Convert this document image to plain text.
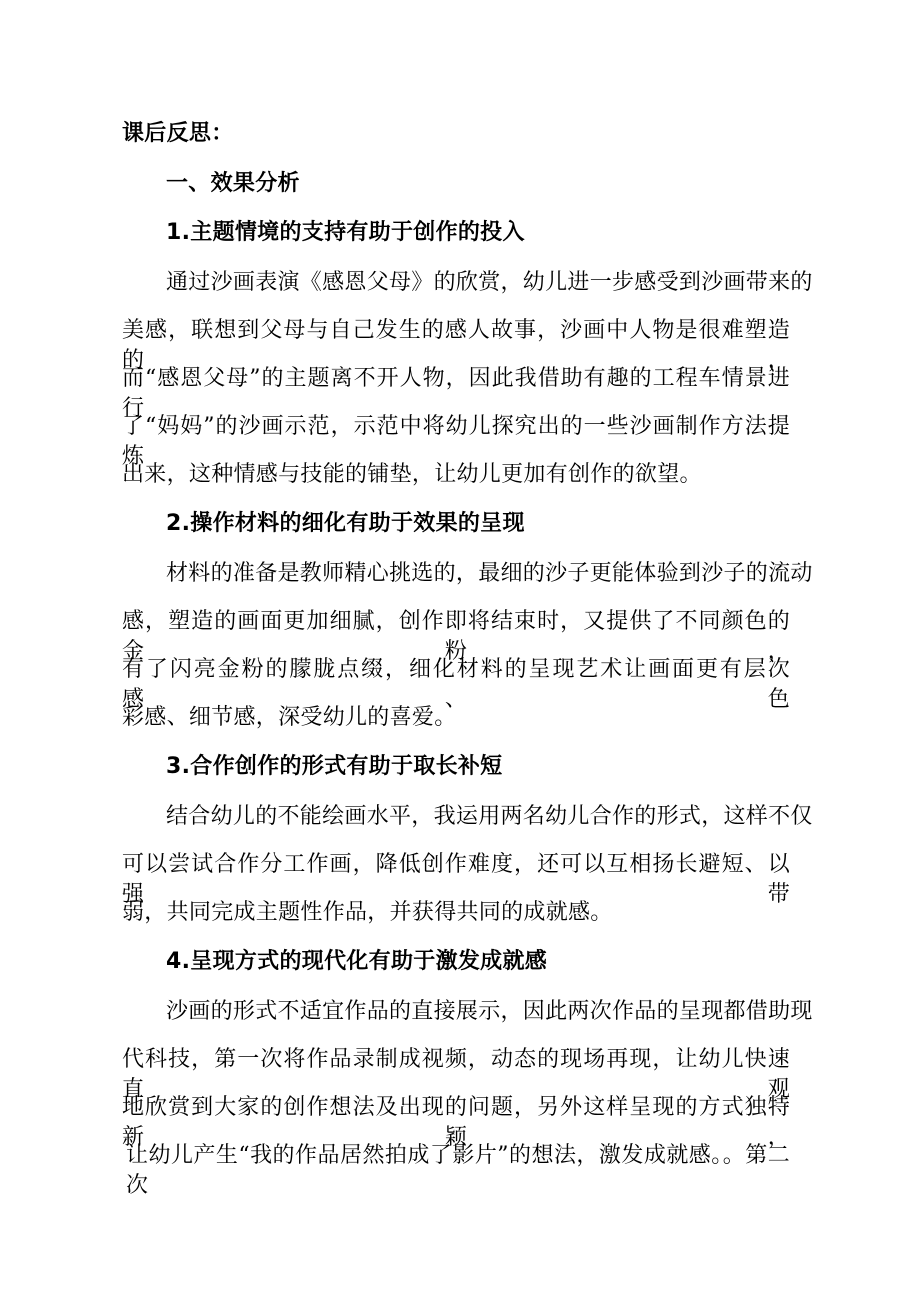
课后反思：
一、效果分析
1.主题情境的支持有助于创作的投入
通过沙画表演《感恩父母》的欣赏，幼儿进一步感受到沙画带来的
美感，联想到父母与自己发生的感人故事，沙画中人物是很难塑造的，
而“感恩父母”的主题离不开人物，因此我借助有趣的工程车情景进行
了“妈妈”的沙画示范，示范中将幼儿探究出的一些沙画制作方法提炼
出来，这种情感与技能的铺垫，让幼儿更加有创作的欲望。
2.操作材料的细化有助于效果的呈现
材料的准备是教师精心挑选的，最细的沙子更能体验到沙子的流动
感，塑造的画面更加细腻，创作即将结束时，又提供了不同颜色的金粉，
有了闪亮金粉的朦胧点缀，细化材料的呈现艺术让画面更有层次感、色
彩感、细节感，深受幼儿的喜爱。
3.合作创作的形式有助于取长补短
结合幼儿的不能绘画水平，我运用两名幼儿合作的形式，这样不仅
可以尝试合作分工作画，降低创作难度，还可以互相扬长避短、以强带
弱，共同完成主题性作品，并获得共同的成就感。
4.呈现方式的现代化有助于激发成就感
沙画的形式不适宜作品的直接展示，因此两次作品的呈现都借助现
代科技，第一次将作品录制成视频，动态的现场再现，让幼儿快速直观
地欣赏到大家的创作想法及出现的问题，另外这样呈现的方式独特新颖，
让幼儿产生“我的作品居然拍成了影片”的想法，激发成就感。。第二次
